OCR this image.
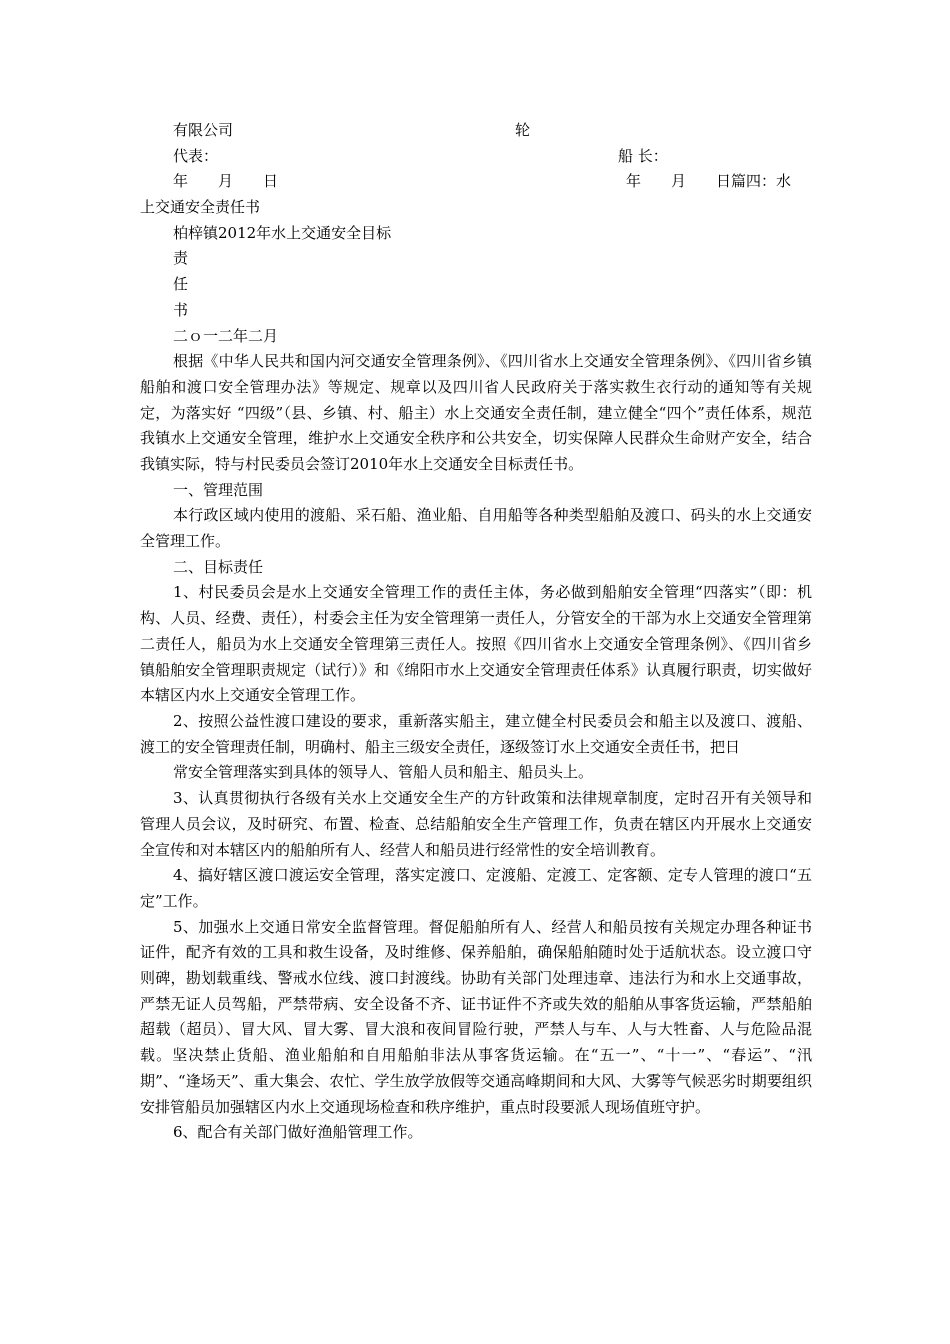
有限公司	轮
代表：	船 长：
年　　月　　日	年　　月　　日篇四：水
上交通安全责任书
柏梓镇2012年水上交通安全目标
责
任
书
二ｏ一二年二月

根据《中华人民共和国内河交通安全管理条例》、《四川省水上交通安全管理条例》、《四川省乡镇船舶和渡口安全管理办法》等规定、规章以及四川省人民政府关于落实救生衣行动的通知等有关规定，为落实好 “四级”（县、乡镇、村、船主）水上交通安全责任制，建立健全“四个”责任体系，规范我镇水上交通安全管理，维护水上交通安全秩序和公共安全，切实保障人民群众生命财产安全，结合我镇实际，特与村民委员会签订2010年水上交通安全目标责任书。

一、管理范围

本行政区域内使用的渡船、采石船、渔业船、自用船等各种类型船舶及渡口、码头的水上交通安全管理工作。

二、目标责任

1、村民委员会是水上交通安全管理工作的责任主体，务必做到船舶安全管理“四落实”（即：机构、人员、经费、责任），村委会主任为安全管理第一责任人，分管安全的干部为水上交通安全管理第二责任人，船员为水上交通安全管理第三责任人。按照《四川省水上交通安全管理条例》、《四川省乡镇船舶安全管理职责规定（试行）》和《绵阳市水上交通安全管理责任体系》认真履行职责，切实做好本辖区内水上交通安全管理工作。

2、按照公益性渡口建设的要求，重新落实船主，建立健全村民委员会和船主以及渡口、渡船、渡工的安全管理责任制，明确村、船主三级安全责任，逐级签订水上交通安全责任书，把日

常安全管理落实到具体的领导人、管船人员和船主、船员头上。

3、认真贯彻执行各级有关水上交通安全生产的方针政策和法律规章制度，定时召开有关领导和管理人员会议，及时研究、布置、检查、总结船舶安全生产管理工作，负责在辖区内开展水上交通安全宣传和对本辖区内的船舶所有人、经营人和船员进行经常性的安全培训教育。

4、搞好辖区渡口渡运安全管理，落实定渡口、定渡船、定渡工、定客额、定专人管理的渡口“五定”工作。

5、加强水上交通日常安全监督管理。督促船舶所有人、经营人和船员按有关规定办理各种证书证件，配齐有效的工具和救生设备，及时维修、保养船舶，确保船舶随时处于适航状态。设立渡口守则碑，勘划载重线、警戒水位线、渡口封渡线。协助有关部门处理违章、违法行为和水上交通事故，严禁无证人员驾船，严禁带病、安全设备不齐、证书证件不齐或失效的船舶从事客货运输，严禁船舶超载（超员）、冒大风、冒大雾、冒大浪和夜间冒险行驶，严禁人与车、人与大牲畜、人与危险品混载。坚决禁止货船、渔业船舶和自用船舶非法从事客货运输。在“五一”、“十一”、“春运”、“汛期”、“逢场天”、重大集会、农忙、学生放学放假等交通高峰期间和大风、大雾等气候恶劣时期要组织安排管船员加强辖区内水上交通现场检查和秩序维护，重点时段要派人现场值班守护。

6、配合有关部门做好渔船管理工作。
